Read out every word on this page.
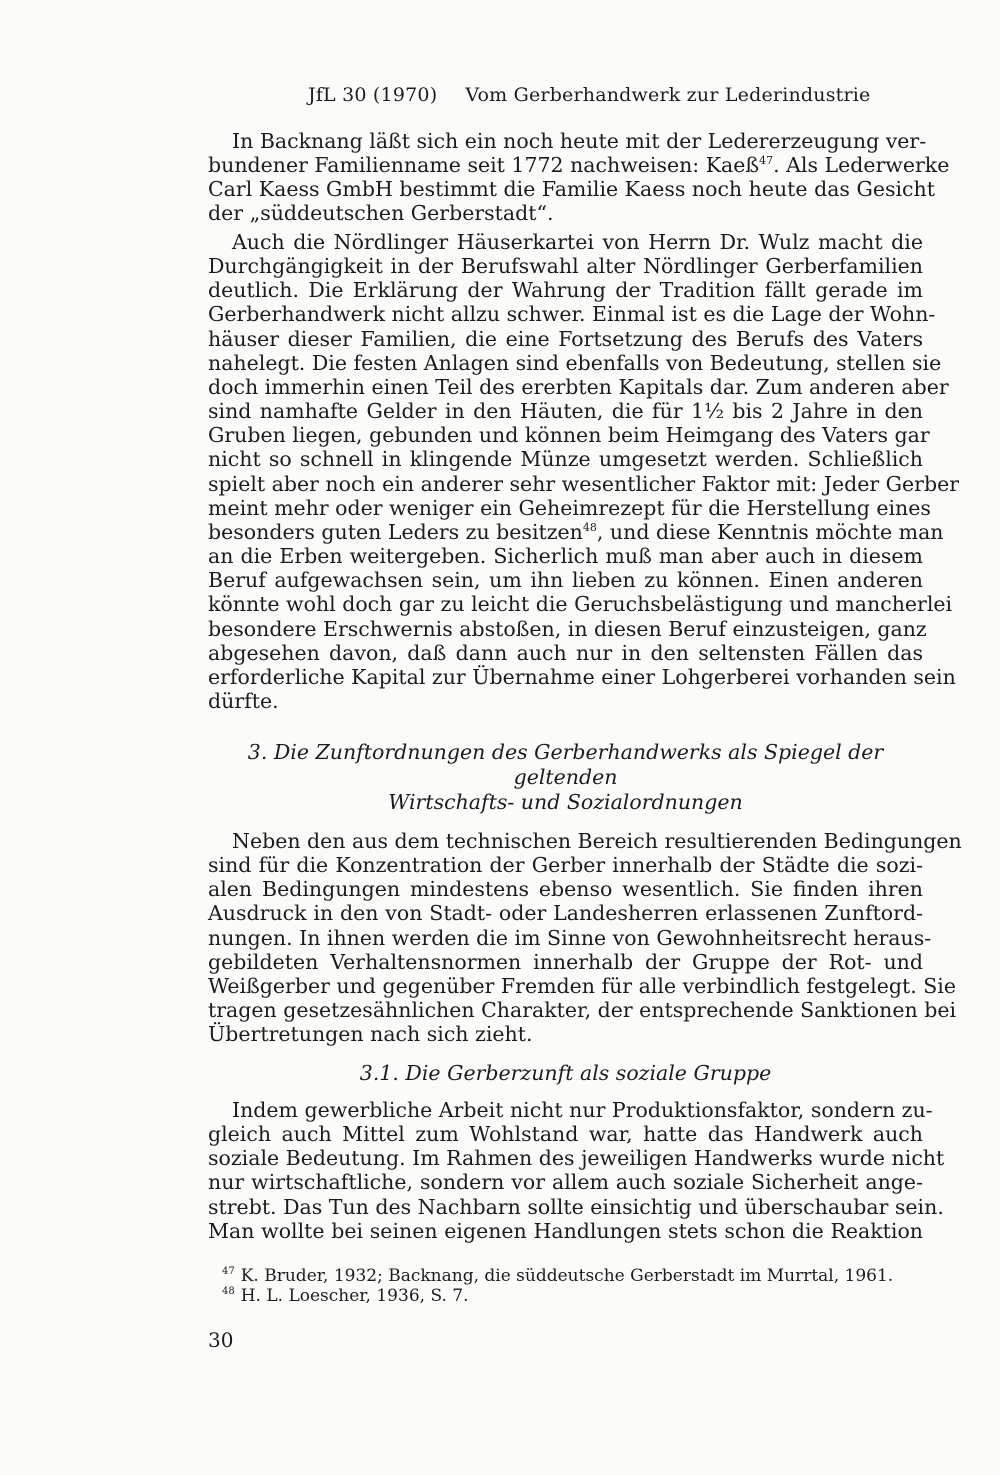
JfL 30 (1970) Vom Gerberhandwerk zur Lederindustrie
In Backnang läßt sich ein noch heute mit der Ledererzeugung ver-
bundener Familienname seit 1772 nachweisen: Kaeß$^{47}$. Als Lederwerke
Carl Kaess GmbH bestimmt die Familie Kaess noch heute das Gesicht
der „süddeutschen Gerberstadt“.
Auch die Nördlinger Häuserkartei von Herrn Dr. Wulz macht die
Durchgängigkeit in der Berufswahl alter Nördlinger Gerberfamilien
deutlich. Die Erklärung der Wahrung der Tradition fällt gerade im
Gerberhandwerk nicht allzu schwer. Einmal ist es die Lage der Wohn-
häuser dieser Familien, die eine Fortsetzung des Berufs des Vaters
nahelegt. Die festen Anlagen sind ebenfalls von Bedeutung, stellen sie
doch immerhin einen Teil des ererbten Kapitals dar. Zum anderen aber
sind namhafte Gelder in den Häuten, die für 1½ bis 2 Jahre in den
Gruben liegen, gebunden und können beim Heimgang des Vaters gar
nicht so schnell in klingende Münze umgesetzt werden. Schließlich
spielt aber noch ein anderer sehr wesentlicher Faktor mit: Jeder Gerber
meint mehr oder weniger ein Geheimrezept für die Herstellung eines
besonders guten Leders zu besitzen$^{48}$, und diese Kenntnis möchte man
an die Erben weitergeben. Sicherlich muß man aber auch in diesem
Beruf aufgewachsen sein, um ihn lieben zu können. Einen anderen
könnte wohl doch gar zu leicht die Geruchsbelästigung und mancherlei
besondere Erschwernis abstoßen, in diesen Beruf einzusteigen, ganz
abgesehen davon, daß dann auch nur in den seltensten Fällen das
erforderliche Kapital zur Übernahme einer Lohgerberei vorhanden sein
dürfte.
3. Die Zunftordnungen des Gerberhandwerks als Spiegel der geltenden
Wirtschafts- und Sozialordnungen
Neben den aus dem technischen Bereich resultierenden Bedingungen
sind für die Konzentration der Gerber innerhalb der Städte die sozi-
alen Bedingungen mindestens ebenso wesentlich. Sie finden ihren
Ausdruck in den von Stadt- oder Landesherren erlassenen Zunftord-
nungen. In ihnen werden die im Sinne von Gewohnheitsrecht heraus-
gebildeten Verhaltensnormen innerhalb der Gruppe der Rot- und
Weißgerber und gegenüber Fremden für alle verbindlich festgelegt. Sie
tragen gesetzesähnlichen Charakter, der entsprechende Sanktionen bei
Übertretungen nach sich zieht.
3.1. Die Gerberzunft als soziale Gruppe
Indem gewerbliche Arbeit nicht nur Produktionsfaktor, sondern zu-
gleich auch Mittel zum Wohlstand war, hatte das Handwerk auch
soziale Bedeutung. Im Rahmen des jeweiligen Handwerks wurde nicht
nur wirtschaftliche, sondern vor allem auch soziale Sicherheit ange-
strebt. Das Tun des Nachbarn sollte einsichtig und überschaubar sein.
Man wollte bei seinen eigenen Handlungen stets schon die Reaktion
$^{47}$ K. Bruder, 1932; Backnang, die süddeutsche Gerberstadt im Murrtal, 1961.
$^{48}$ H. L. Loescher, 1936, S. 7.
30
